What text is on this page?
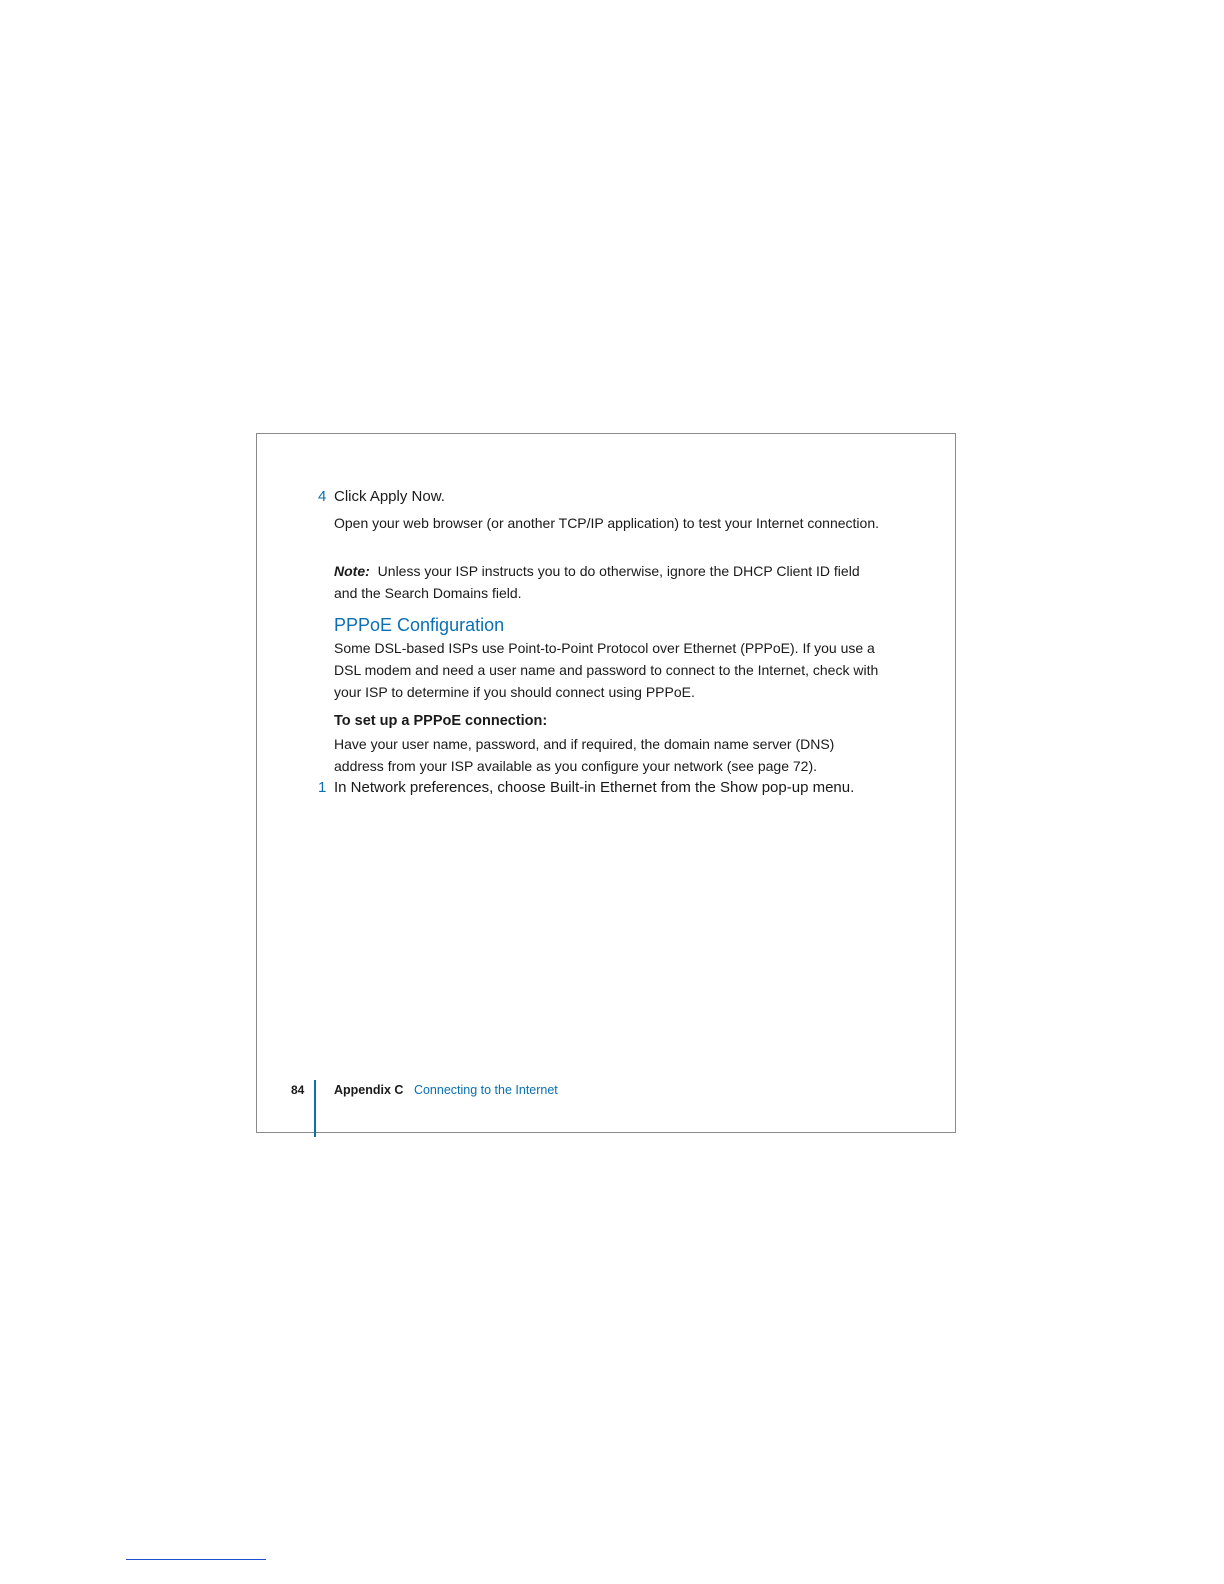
4 Click Apply Now.
Open your web browser (or another TCP/IP application) to test your Internet connection.
Note: Unless your ISP instructs you to do otherwise, ignore the DHCP Client ID field and the Search Domains field.
PPPoE Configuration
Some DSL-based ISPs use Point-to-Point Protocol over Ethernet (PPPoE). If you use a DSL modem and need a user name and password to connect to the Internet, check with your ISP to determine if you should connect using PPPoE.
To set up a PPPoE connection:
Have your user name, password, and if required, the domain name server (DNS) address from your ISP available as you configure your network (see page 72).
1 In Network preferences, choose Built-in Ethernet from the Show pop-up menu.
84 Appendix C Connecting to the Internet
